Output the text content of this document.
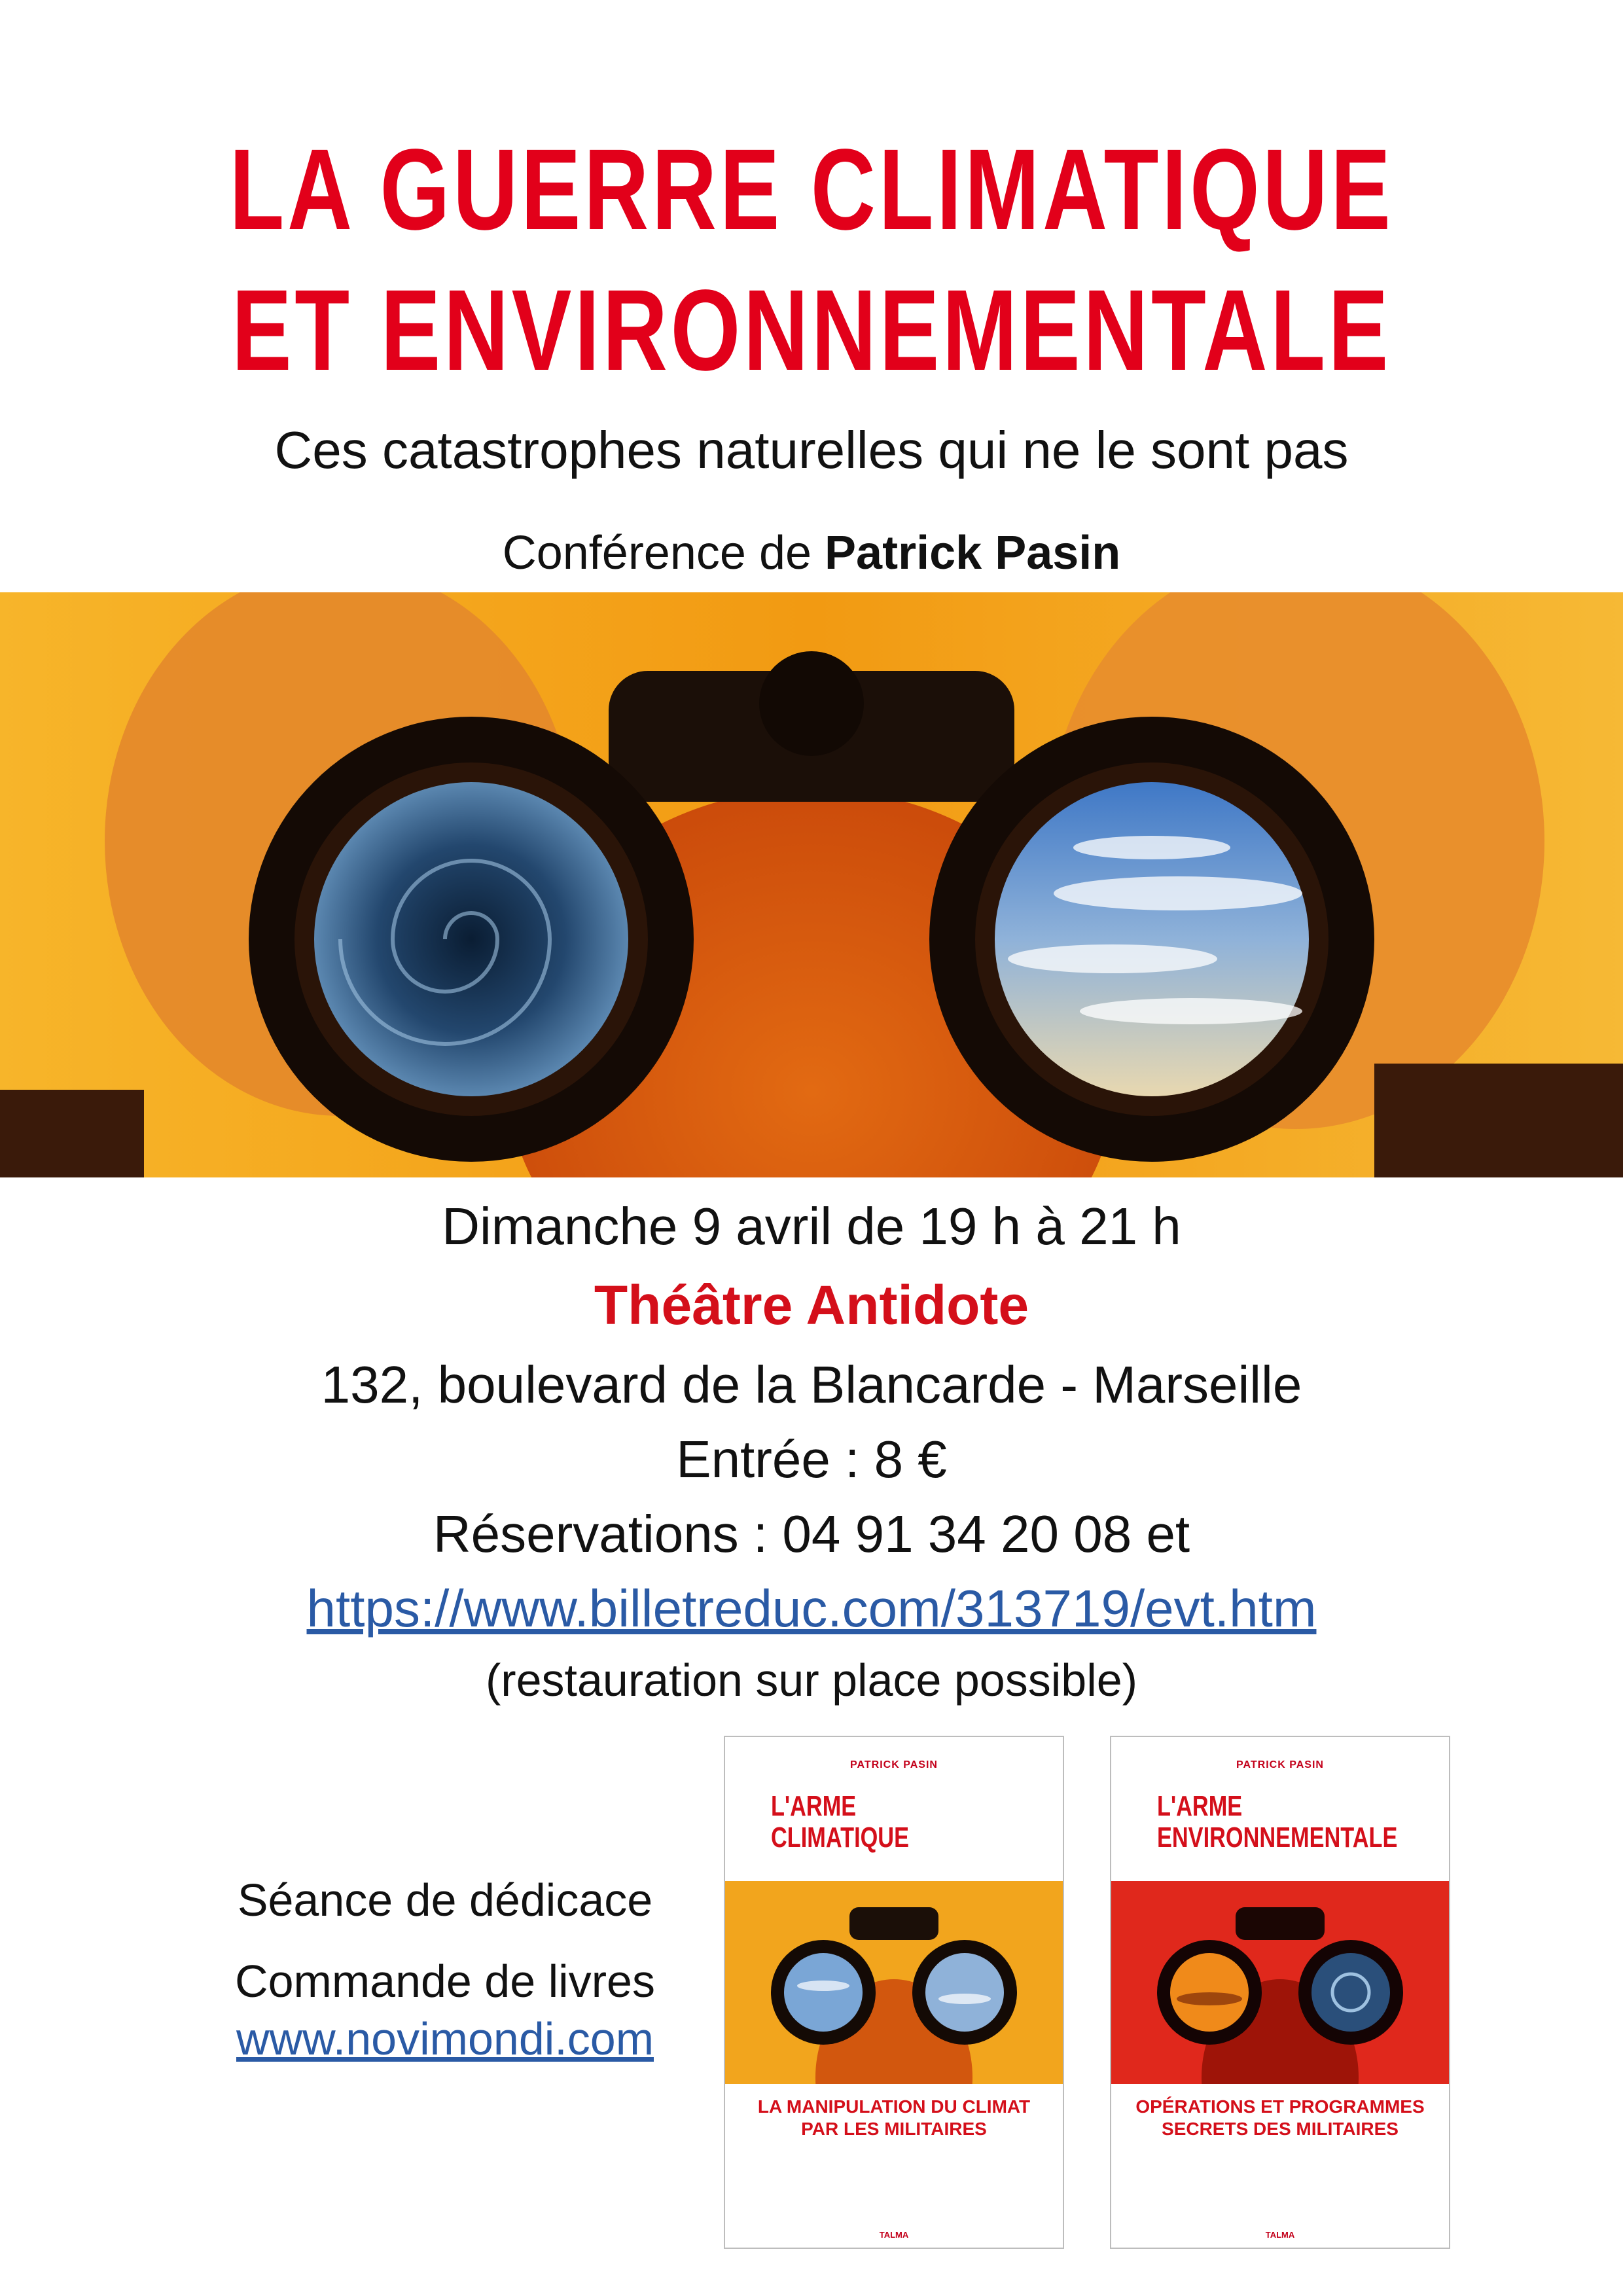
LA GUERRE CLIMATIQUE
ET ENVIRONNEMENTALE
Ces catastrophes naturelles qui ne le sont pas
Conférence de Patrick Pasin
Dimanche 9 avril de 19 h à 21 h
Théâtre Antidote
132, boulevard de la Blancarde - Marseille
Entrée : 8 €
Réservations : 04 91 34 20 08 et
https://www.billetreduc.com/313719/evt.htm
(restauration sur place possible)
Séance de dédicace
Commande de livres
www.novimondi.com
PATRICK PASIN
L'ARME
CLIMATIQUE
LA MANIPULATION DU CLIMAT
PAR LES MILITAIRES
TALMA
PATRICK PASIN
L'ARME
ENVIRONNEMENTALE
OPÉRATIONS ET PROGRAMMES
SECRETS DES MILITAIRES
TALMA
